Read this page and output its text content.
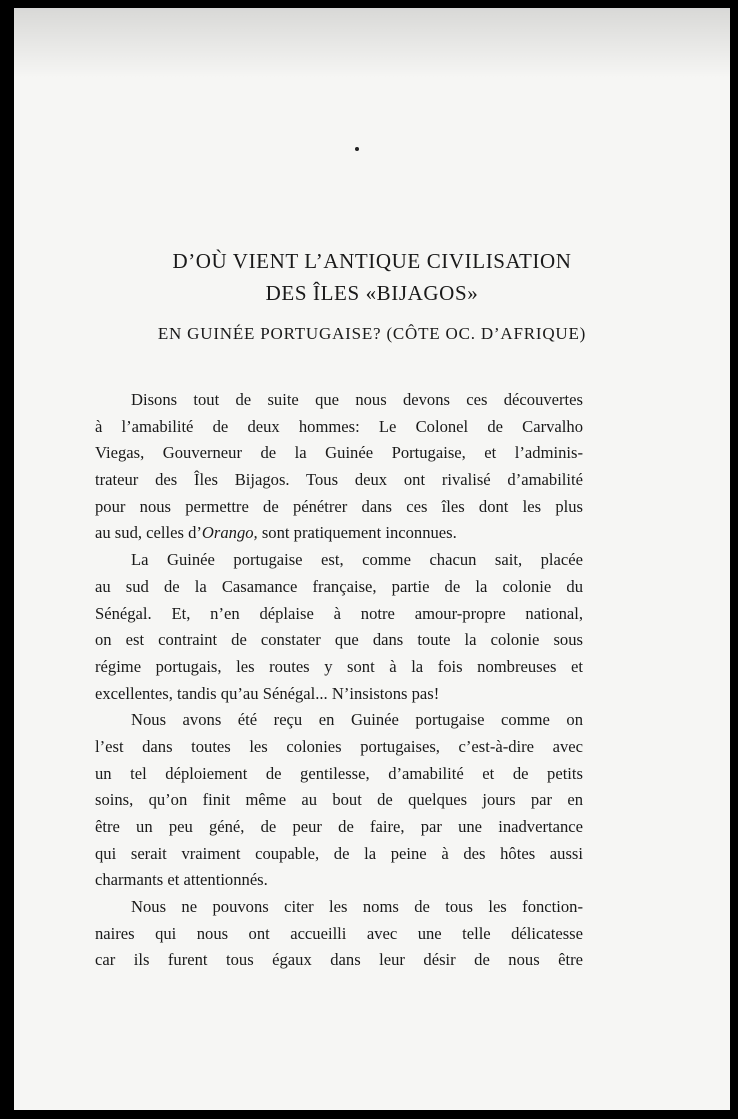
D’OÙ VIENT L’ANTIQUE CIVILISATION
DES ÎLES «BIJAGOS»
EN GUINÉE PORTUGAISE? (CÔTE OC. D’AFRIQUE)
Disons tout de suite que nous devons ces découvertes
à l’amabilité de deux hommes: Le Colonel de Carvalho
Viegas, Gouverneur de la Guinée Portugaise, et l’adminis-
trateur des Îles Bijagos. Tous deux ont rivalisé d’amabilité
pour nous permettre de pénétrer dans ces îles dont les plus
au sud, celles d’Orango, sont pratiquement inconnues.
La Guinée portugaise est, comme chacun sait, placée
au sud de la Casamance française, partie de la colonie du
Sénégal. Et, n’en déplaise à notre amour-propre national,
on est contraint de constater que dans toute la colonie sous
régime portugais, les routes y sont à la fois nombreuses et
excellentes, tandis qu’au Sénégal... N’insistons pas!
Nous avons été reçu en Guinée portugaise comme on
l’est dans toutes les colonies portugaises, c’est-à-dire avec
un tel déploiement de gentilesse, d’amabilité et de petits
soins, qu’on finit même au bout de quelques jours par en
être un peu géné, de peur de faire, par une inadvertance
qui serait vraiment coupable, de la peine à des hôtes aussi
charmants et attentionnés.
Nous ne pouvons citer les noms de tous les fonction-
naires qui nous ont accueilli avec une telle délicatesse
car ils furent tous égaux dans leur désir de nous être
